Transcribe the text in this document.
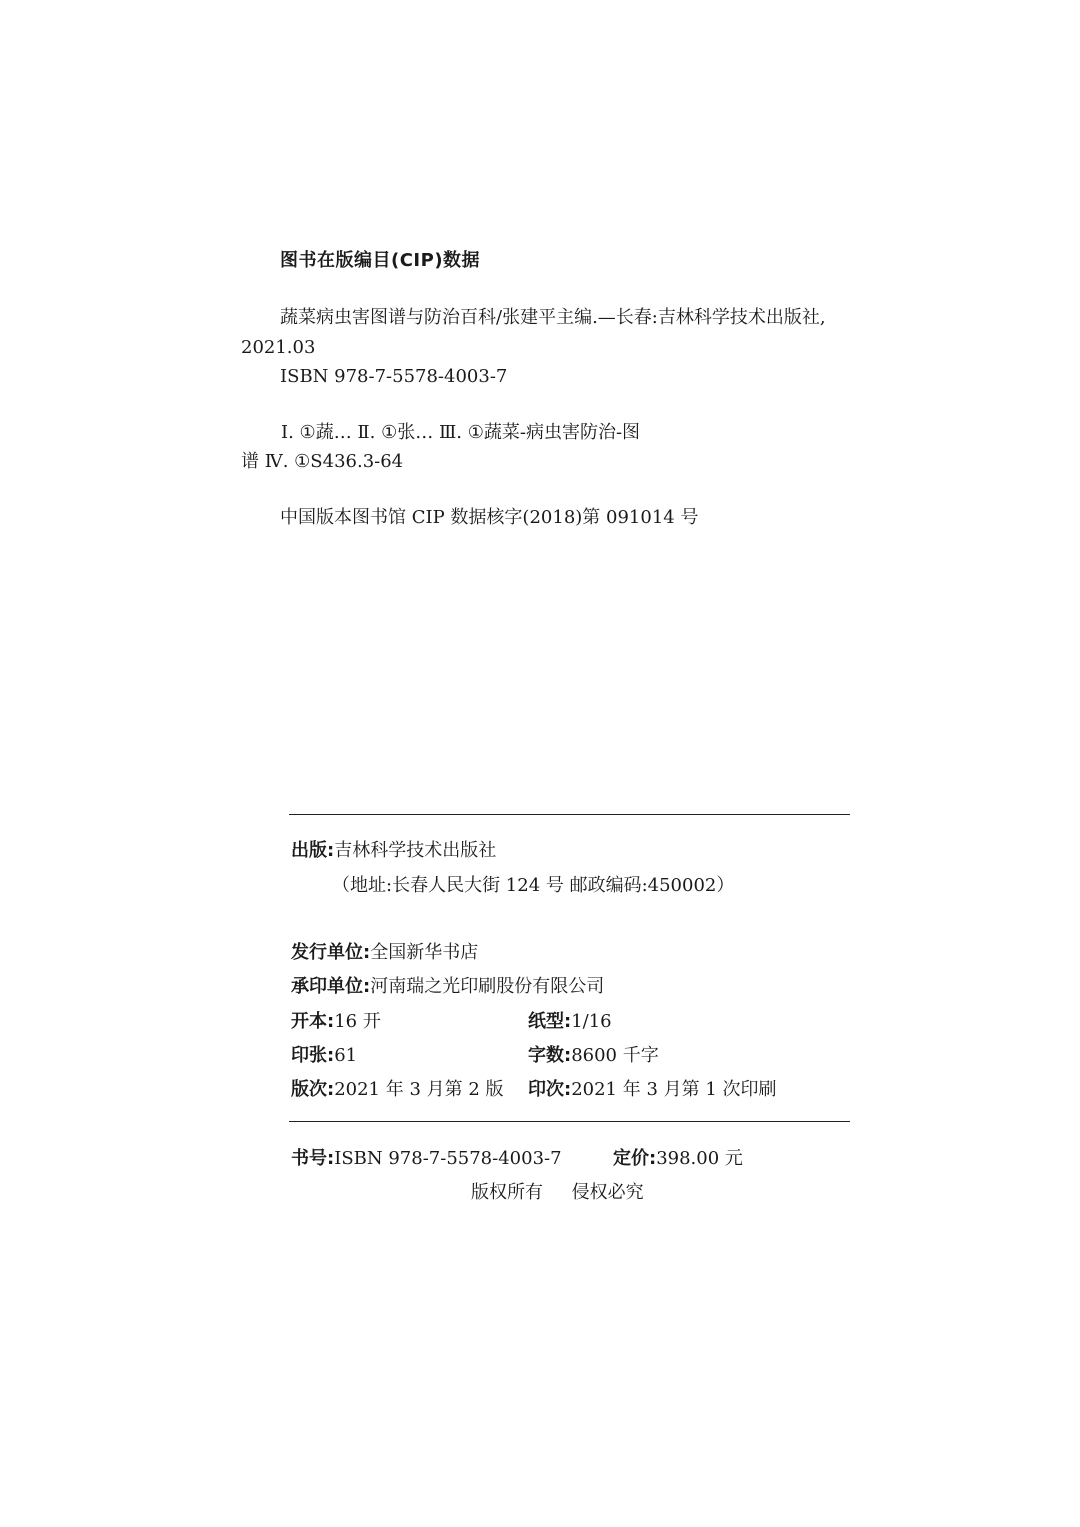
图书在版编目(CIP)数据
蔬菜病虫害图谱与防治百科/张建平主编.—长春:吉林科学技术出版社,
2021.03
ISBN 978-7-5578-4003-7
Ⅰ. ①蔬… Ⅱ. ①张… Ⅲ. ①蔬菜-病虫害防治-图
谱 Ⅳ. ①S436.3-64
中国版本图书馆 CIP 数据核字(2018)第 091014 号
出版:吉林科学技术出版社
（地址:长春人民大街 124 号 邮政编码:450002）
发行单位:全国新华书店
承印单位:河南瑞之光印刷股份有限公司
开本:16 开	纸型:1/16
印张:61	字数:8600 千字
版次:2021 年 3 月第 2 版 印次:2021 年 3 月第 1 次印刷
书号:ISBN 978-7-5578-4003-7	定价:398.00 元
版权所有     侵权必究
